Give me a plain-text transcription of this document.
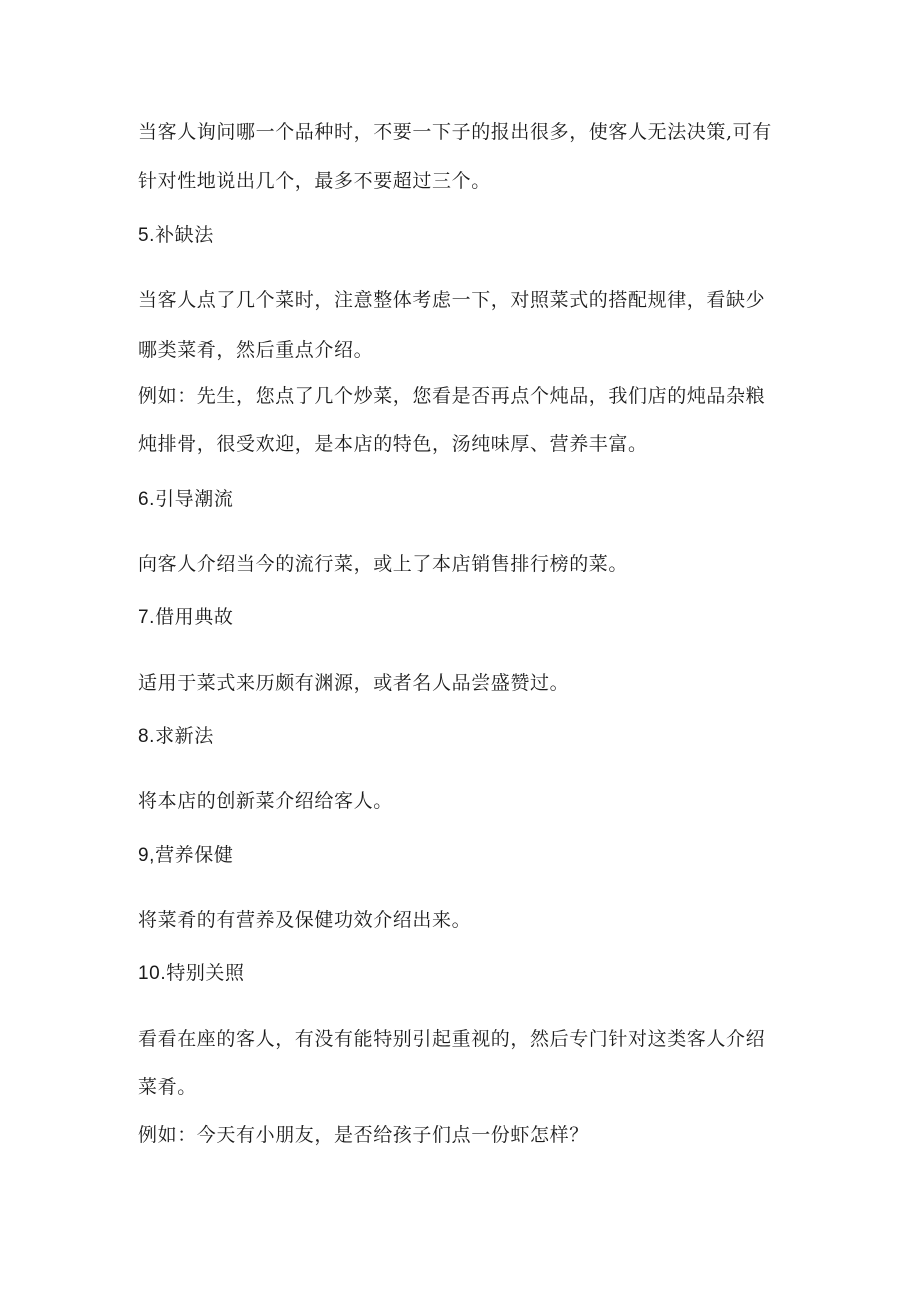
当客人询问哪一个品种时，不要一下子的报出很多，使客人无法决策,可有
针对性地说出几个，最多不要超过三个。
5.补缺法
当客人点了几个菜时，注意整体考虑一下，对照菜式的搭配规律，看缺少
哪类菜肴，然后重点介绍。
例如：先生，您点了几个炒菜，您看是否再点个炖品，我们店的炖品杂粮
炖排骨，很受欢迎，是本店的特色，汤纯味厚、营养丰富。
6.引导潮流
向客人介绍当今的流行菜，或上了本店销售排行榜的菜。
7.借用典故
适用于菜式来历颇有渊源，或者名人品尝盛赞过。
8.求新法
将本店的创新菜介绍给客人。
9,营养保健
将菜肴的有营养及保健功效介绍出来。
10.特别关照
看看在座的客人，有没有能特别引起重视的，然后专门针对这类客人介绍
菜肴。
例如：今天有小朋友，是否给孩子们点一份虾怎样？
